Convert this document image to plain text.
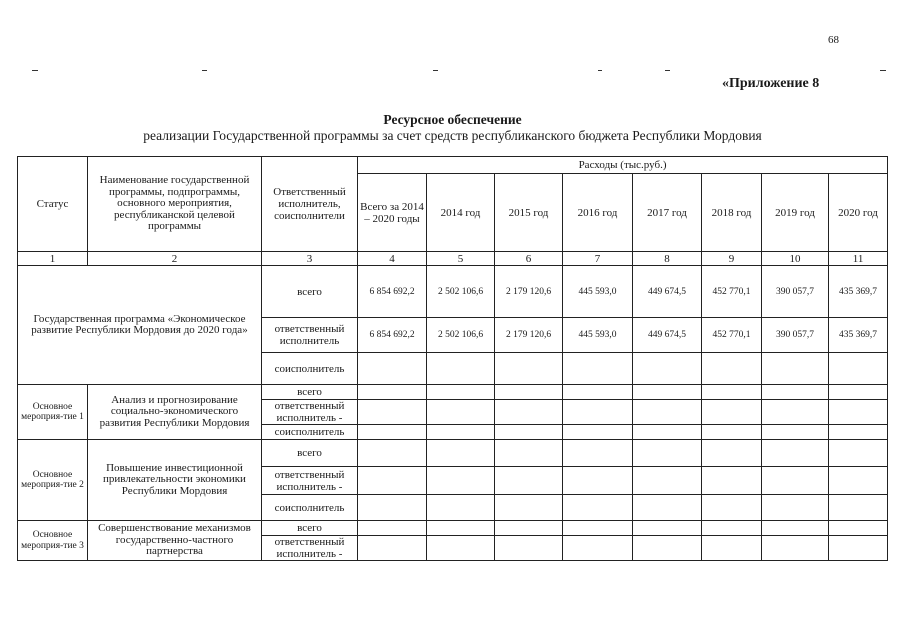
68
«Приложение 8
Ресурсное обеспечение
реализации Государственной программы за счет средств республиканского бюджета Республики Мордовия
Статус	Наименование государственной программы, подпрограммы, основного мероприятия, республиканской целевой программы	Ответственный исполнитель, соисполнители	Расходы (тыс.руб.)							
			Всего за 2014 – 2020 годы	2014 год	2015 год	2016 год	2017 год	2018 год	2019 год	2020 год
1	2	3	4	5	6	7	8	9	10	11
Государственная программа «Экономическое развитие Республики Мордовия до 2020 года»		всего	6 854 692,2	2 502 106,6	2 179 120,6	445 593,0	449 674,5	452 770,1	390 057,7	435 369,7
		ответственный исполнитель	6 854 692,2	2 502 106,6	2 179 120,6	445 593,0	449 674,5	452 770,1	390 057,7	435 369,7
		соисполнитель								
Основное мероприя-тие 1	Анализ и прогнозирование социально-экономического развития Республики Мордовия	всего								
		ответственный исполнитель -								
		соисполнитель								
Основное мероприя-тие 2	Повышение инвестиционной привлекательности экономики Республики Мордовия	всего								
		ответственный исполнитель -								
		соисполнитель								
Основное мероприя-тие 3	Совершенствование механизмов государственно-частного партнерства	всего								
		ответственный исполнитель -								
